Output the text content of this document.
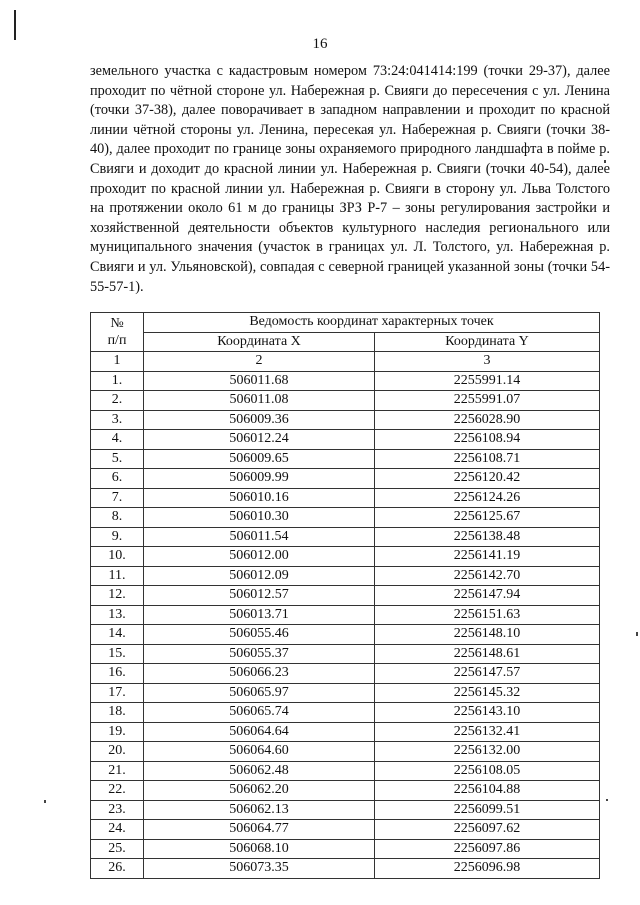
16
земельного участка с кадастровым номером 73:24:041414:199 (точки 29-37), далее проходит по чётной стороне ул. Набережная р. Свияги до пересечения с ул. Ленина (точки 37-38), далее поворачивает в западном направлении и проходит по красной линии чётной стороны ул. Ленина, пересекая ул. Набережная р. Свияги (точки 38-40), далее проходит по границе зоны охраняемого природного ландшафта в пойме р. Свияги и доходит до красной линии ул. Набережная р. Свияги (точки 40-54), далее проходит по красной линии ул. Набережная р. Свияги в сторону ул. Льва Толстого на протяжении около 61 м до границы ЗРЗ Р-7 – зоны регулирования застройки и хозяйственной деятельности объектов культурного наследия регионального или муниципального значения (участок в границах ул. Л. Толстого, ул. Набережная р. Свияги и ул. Ульяновской), совпадая с северной границей указанной зоны (точки 54-55-57-1).
№
п/п	Ведомость координат характерных точек	
	Координата X	Координата Y
1	2	3
1.	506011.68	2255991.14
2.	506011.08	2255991.07
3.	506009.36	2256028.90
4.	506012.24	2256108.94
5.	506009.65	2256108.71
6.	506009.99	2256120.42
7.	506010.16	2256124.26
8.	506010.30	2256125.67
9.	506011.54	2256138.48
10.	506012.00	2256141.19
11.	506012.09	2256142.70
12.	506012.57	2256147.94
13.	506013.71	2256151.63
14.	506055.46	2256148.10
15.	506055.37	2256148.61
16.	506066.23	2256147.57
17.	506065.97	2256145.32
18.	506065.74	2256143.10
19.	506064.64	2256132.41
20.	506064.60	2256132.00
21.	506062.48	2256108.05
22.	506062.20	2256104.88
23.	506062.13	2256099.51
24.	506064.77	2256097.62
25.	506068.10	2256097.86
26.	506073.35	2256096.98
